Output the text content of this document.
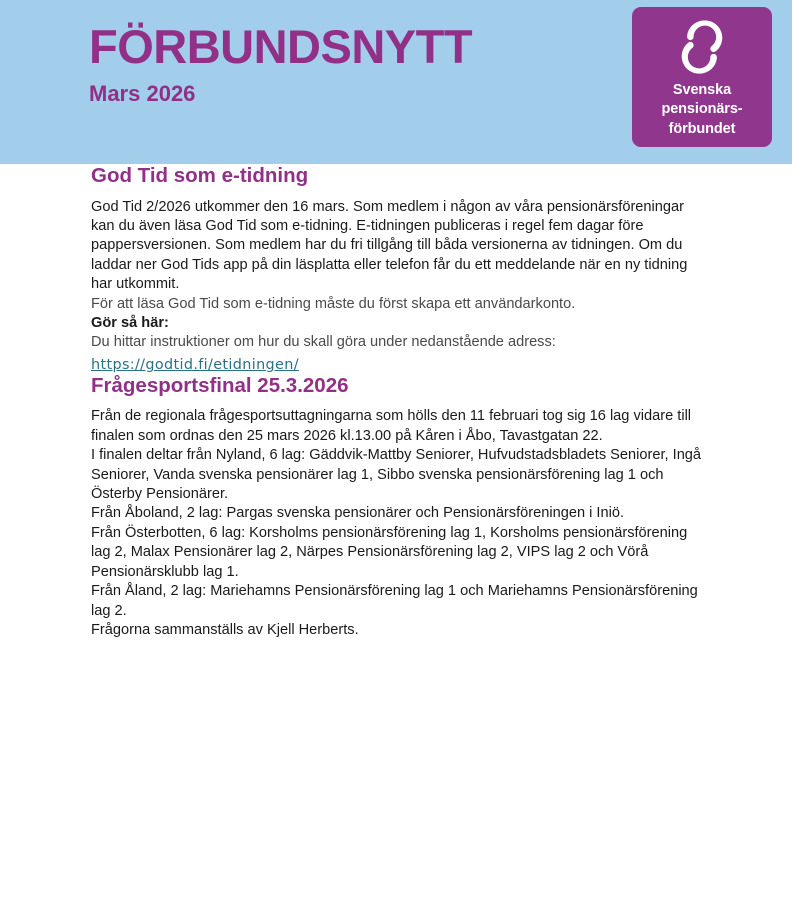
FÖRBUNDSNYTT
Mars 2026	Svenska
pensionärs-
förbundet
God Tid som e-tidning

God Tid 2/2026 utkommer den 16 mars. Som medlem i någon av våra pensionärsföreningar kan du även läsa God Tid som e-tidning. E-tidningen publiceras i regel fem dagar före pappersversionen. Som medlem har du fri tillgång till båda versionerna av tidningen. Om du laddar ner God Tids app på din läsplatta eller telefon får du ett meddelande när en ny tidning har utkommit.

För att läsa God Tid som e-tidning måste du först skapa ett användarkonto.

Gör så här:

Du hittar instruktioner om hur du skall göra under nedanstående adress:

https://godtid.fi/etidningen/
Frågesportsfinal 25.3.2026

Från de regionala frågesportsuttagningarna som hölls den 11 februari tog sig 16 lag vidare till finalen som ordnas den 25 mars 2026 kl.13.00 på Kåren i Åbo, Tavastgatan 22.

I finalen deltar från Nyland, 6 lag: Gäddvik-Mattby Seniorer, Hufvudstadsbladets Seniorer, Ingå Seniorer, Vanda svenska pensionärer lag 1, Sibbo svenska pensionärsförening lag 1 och Österby Pensionärer.

Från Åboland, 2 lag: Pargas svenska pensionärer och Pensionärsföreningen i Iniö.

Från Österbotten, 6 lag: Korsholms pensionärsförening lag 1, Korsholms pensionärsförening lag 2, Malax Pensionärer lag 2, Närpes Pensionärsförening lag 2, VIPS lag 2 och Vörå Pensionärsklubb lag 1.

Från Åland, 2 lag: Mariehamns Pensionärsförening lag 1 och Mariehamns Pensionärsförening lag 2.

Frågorna sammanställs av Kjell Herberts.
